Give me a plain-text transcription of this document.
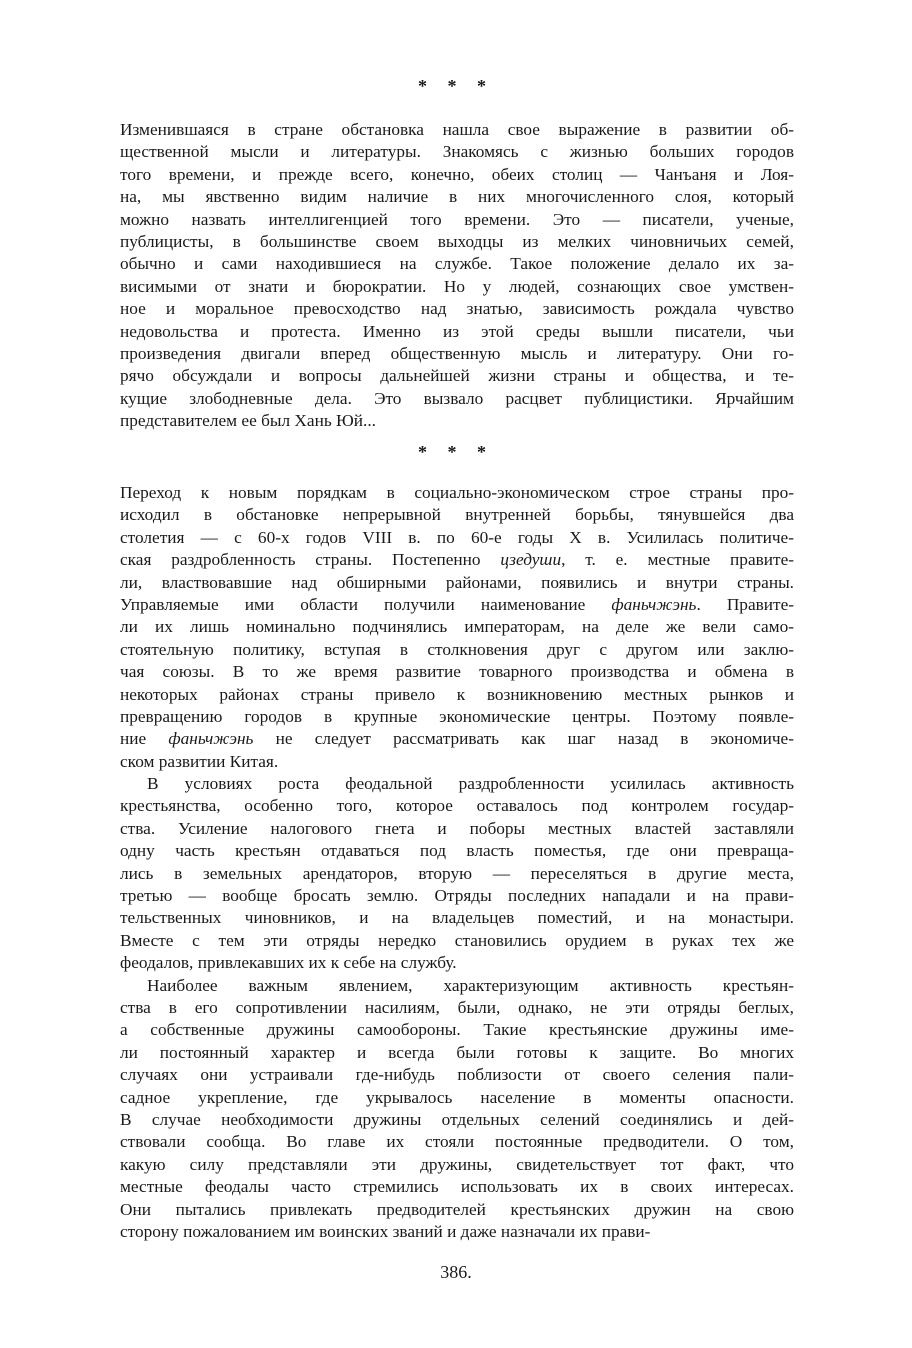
* * *
Изменившаяся в стране обстановка нашла свое выражение в развитии об-
щественной мысли и литературы. Знакомясь с жизнью больших городов
того времени, и прежде всего, конечно, обеих столиц — Чанъаня и Лоя-
на, мы явственно видим наличие в них многочисленного слоя, который
можно назвать интеллигенцией того времени. Это — писатели, ученые,
публицисты, в большинстве своем выходцы из мелких чиновничьих семей,
обычно и сами находившиеся на службе. Такое положение делало их за-
висимыми от знати и бюрократии. Но у людей, сознающих свое умствен-
ное и моральное превосходство над знатью, зависимость рождала чувство
недовольства и протеста. Именно из этой среды вышли писатели, чьи
произведения двигали вперед общественную мысль и литературу. Они го-
рячо обсуждали и вопросы дальнейшей жизни страны и общества, и те-
кущие злободневные дела. Это вызвало расцвет публицистики. Ярчайшим
представителем ее был Хань Юй...
* * *
Переход к новым порядкам в социально-экономическом строе страны про-
исходил в обстановке непрерывной внутренней борьбы, тянувшейся два
столетия — с 60-х годов VIII в. по 60-е годы X в. Усилилась политиче-
ская раздробленность страны. Постепенно цзедуши, т. е. местные правите-
ли, властвовавшие над обширными районами, появились и внутри страны.
Управляемые ими области получили наименование фаньчжэнь. Правите-
ли их лишь номинально подчинялись императорам, на деле же вели само-
стоятельную политику, вступая в столкновения друг с другом или заклю-
чая союзы. В то же время развитие товарного производства и обмена в
некоторых районах страны привело к возникновению местных рынков и
превращению городов в крупные экономические центры. Поэтому появле-
ние фаньчжэнь не следует рассматривать как шаг назад в экономиче-
ском развитии Китая.
В условиях роста феодальной раздробленности усилилась активность
крестьянства, особенно того, которое оставалось под контролем государ-
ства. Усиление налогового гнета и поборы местных властей заставляли
одну часть крестьян отдаваться под власть поместья, где они превраща-
лись в земельных арендаторов, вторую — переселяться в другие места,
третью — вообще бросать землю. Отряды последних нападали и на прави-
тельственных чиновников, и на владельцев поместий, и на монастыри.
Вместе с тем эти отряды нередко становились орудием в руках тех же
феодалов, привлекавших их к себе на службу.
Наиболее важным явлением, характеризующим активность крестьян-
ства в его сопротивлении насилиям, были, однако, не эти отряды беглых,
а собственные дружины самообороны. Такие крестьянские дружины име-
ли постоянный характер и всегда были готовы к защите. Во многих
случаях они устраивали где-нибудь поблизости от своего селения пали-
садное укрепление, где укрывалось население в моменты опасности.
В случае необходимости дружины отдельных селений соединялись и дей-
ствовали сообща. Во главе их стояли постоянные предводители. О том,
какую силу представляли эти дружины, свидетельствует тот факт, что
местные феодалы часто стремились использовать их в своих интересах.
Они пытались привлекать предводителей крестьянских дружин на свою
сторону пожалованием им воинских званий и даже назначали их прави-
386.
